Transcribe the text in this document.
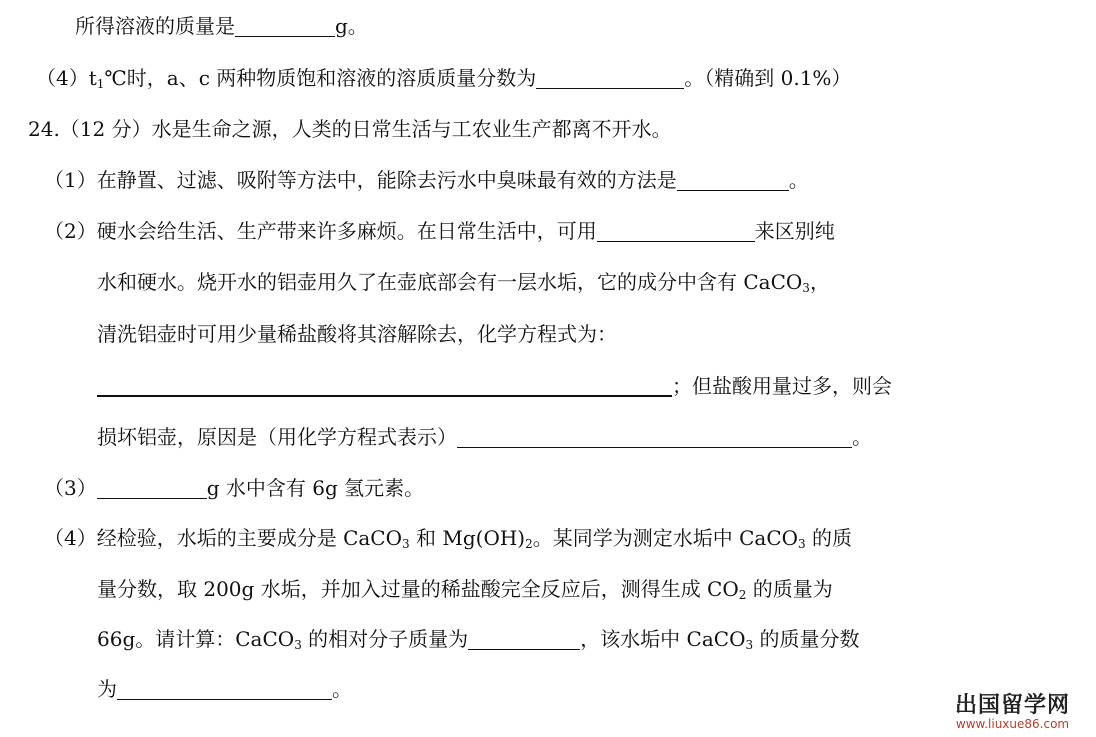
所得溶液的质量是	g。
$(4)t_1℃$时，a、c 两种物质饱和溶液的溶质质量分数为	。（精确到 0.1%）
24.（12 分）水是生命之源，人类的日常生活与工农业生产都离不开水。
（1）在静置、过滤、吸附等方法中，能除去污水中臭味最有效的方法是	。
（2）硬水会给生活、生产带来许多麻烦。在日常生活中，可用	来区别纯
水和硬水。烧开水的铝壶用久了在壶底部会有一层水垢，它的成分中含有 CaCO$_3$，
清洗铝壶时可用少量稀盐酸将其溶解除去，化学方程式为：
；但盐酸用量过多，则会
损坏铝壶，原因是（用化学方程式表示）	。
（3）	g 水中含有 6g 氢元素。
（4）经检验，水垢的主要成分是 CaCO$_3$ 和 $Mg(OH)_2$。某同学为测定水垢中 CaCO$_3$ 的质
量分数，取 200g 水垢，并加入过量的稀盐酸完全反应后，测得生成 $CO_2$ 的质量为
66g。请计算：CaCO$_3$ 的相对分子质量为	，该水垢中 CaCO$_3$ 的质量分数
为	。
出国留学网
www.liuxue86.com
